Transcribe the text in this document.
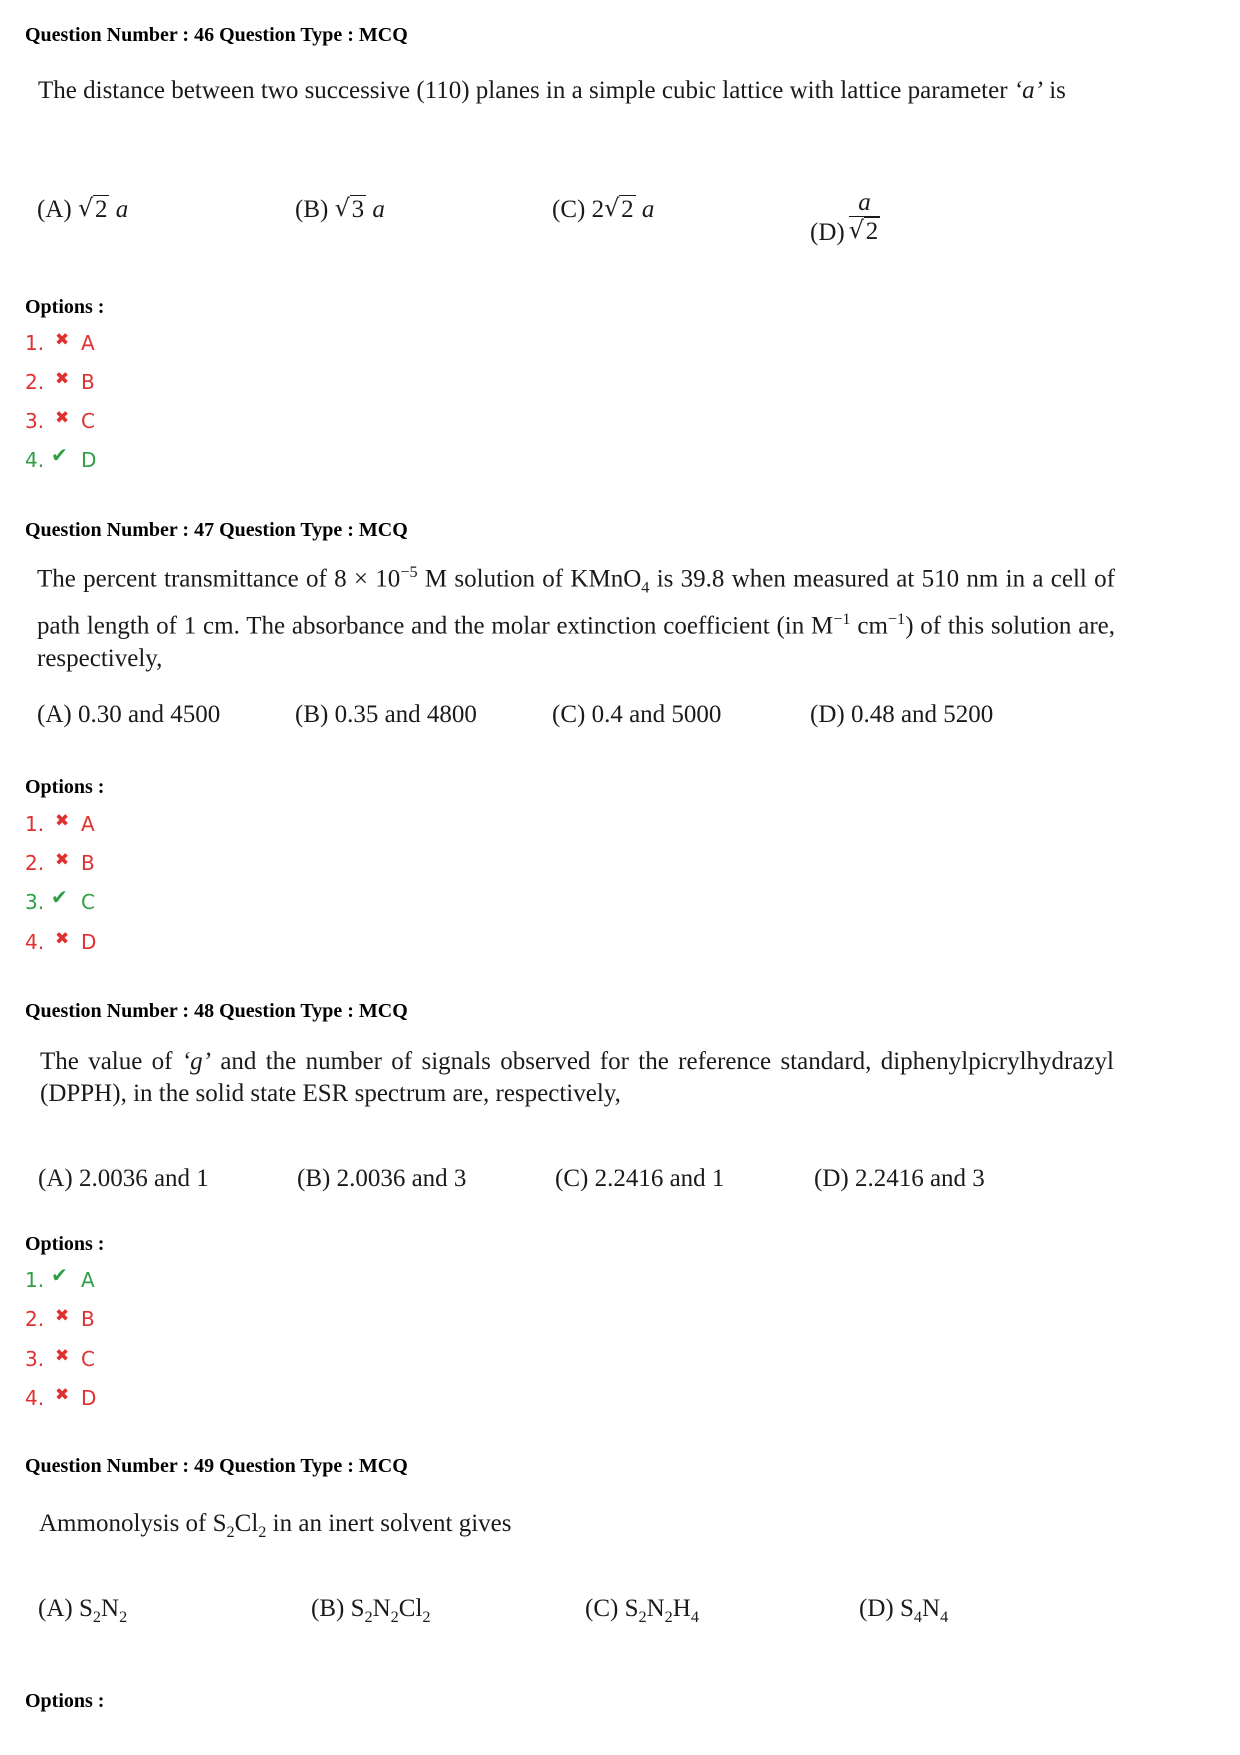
Question Number : 46 Question Type : MCQ
The distance between two successive (110) planes in a simple cubic lattice with lattice parameter ‘a’ is
(A) √ 2 a	(B) √ 3 a	(C) 2 √ 2 a
$(D) \frac{a}{√ 2}$
Options :
1. ✖ A
2. ✖ B
3. ✖ C
4. ✔ D
Question Number : 47 Question Type : MCQ
The percent transmittance of $8 \times 10^{-5}$ M solution of KMnO$_4$ is 39.8 when measured at 510 nm in a cell of path length of 1 cm. The absorbance and the molar extinction coefficient (in $M^{-1}$ $cm^{-1}$) of this solution are, respectively,
(A) 0.30 and 4500	(B) 0.35 and 4800	(C) 0.4 and 5000	(D) 0.48 and 5200
Options :
1. ✖ A
2. ✖ B
3. ✔ C
4. ✖ D
Question Number : 48 Question Type : MCQ
The value of ‘g’ and the number of signals observed for the reference standard, diphenylpicrylhydrazyl (DPPH), in the solid state ESR spectrum are, respectively,
(A) 2.0036 and 1	(B) 2.0036 and 3	(C) 2.2416 and 1	(D) 2.2416 and 3
Options :
1. ✔ A
2. ✖ B
3. ✖ C
4. ✖ D
Question Number : 49 Question Type : MCQ
Ammonolysis of $S_2Cl_2$ in an inert solvent gives
(A) $S_2N_2$	(B) $S_2N_2Cl_2$	(C) $S_2N_2H_4$	(D) $S_4N_4$
Options :
